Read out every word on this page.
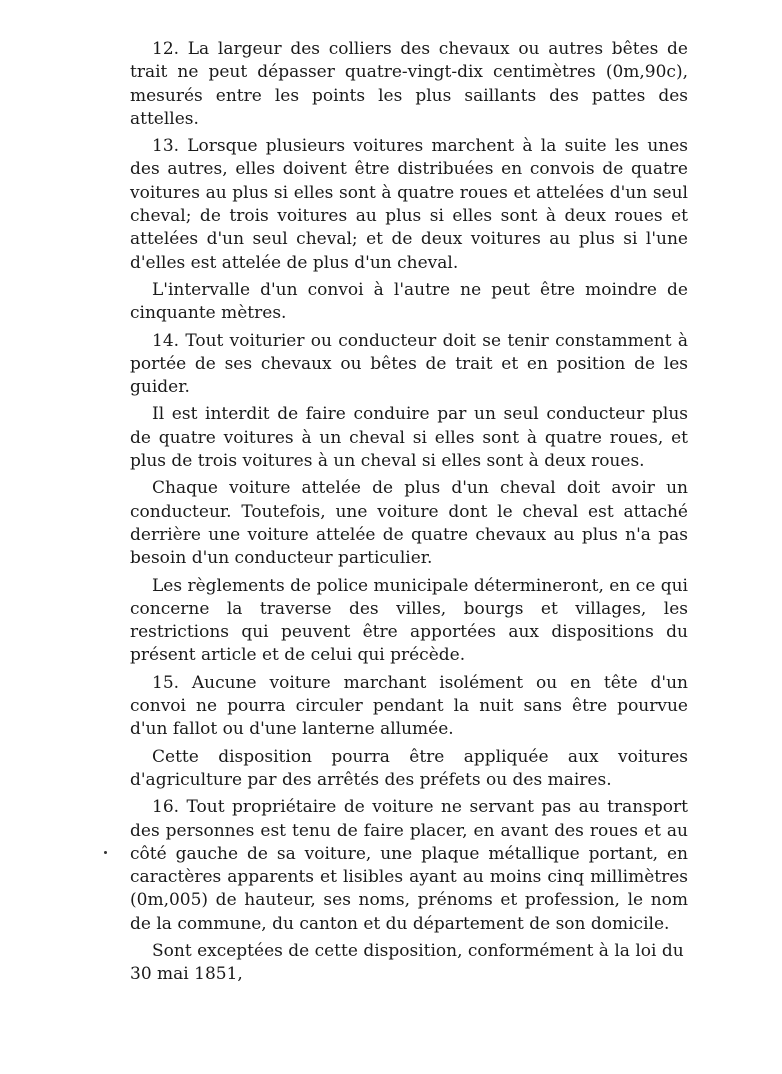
12. La largeur des colliers des chevaux ou autres bêtes de trait ne peut dépasser quatre-vingt-dix centimètres (0m,90c), mesurés entre les points les plus saillants des pattes des attelles.

13. Lorsque plusieurs voitures marchent à la suite les unes des autres, elles doivent être distribuées en convois de quatre voitures au plus si elles sont à quatre roues et attelées d'un seul cheval; de trois voitures au plus si elles sont à deux roues et attelées d'un seul cheval; et de deux voitures au plus si l'une d'elles est attelée de plus d'un cheval.

L'intervalle d'un convoi à l'autre ne peut être moindre de cinquante mètres.

14. Tout voiturier ou conducteur doit se tenir constamment à portée de ses chevaux ou bêtes de trait et en position de les guider.

Il est interdit de faire conduire par un seul conducteur plus de quatre voitures à un cheval si elles sont à quatre roues, et plus de trois voitures à un cheval si elles sont à deux roues.

Chaque voiture attelée de plus d'un cheval doit avoir un conducteur. Toutefois, une voiture dont le cheval est attaché derrière une voiture attelée de quatre chevaux au plus n'a pas besoin d'un conducteur particulier.

Les règlements de police municipale détermineront, en ce qui concerne la traverse des villes, bourgs et villages, les restrictions qui peuvent être apportées aux dispositions du présent article et de celui qui précède.

15. Aucune voiture marchant isolément ou en tête d'un convoi ne pourra circuler pendant la nuit sans être pourvue d'un fallot ou d'une lanterne allumée.

Cette disposition pourra être appliquée aux voitures d'agriculture par des arrêtés des préfets ou des maires.

16. Tout propriétaire de voiture ne servant pas au transport des personnes est tenu de faire placer, en avant des roues et au côté gauche de sa voiture, une plaque métallique portant, en caractères apparents et lisibles ayant au moins cinq millimètres (0m,005) de hauteur, ses noms, prénoms et profession, le nom de la commune, du canton et du département de son domicile.

Sont exceptées de cette disposition, conformément à la loi du 30 mai 1851,
